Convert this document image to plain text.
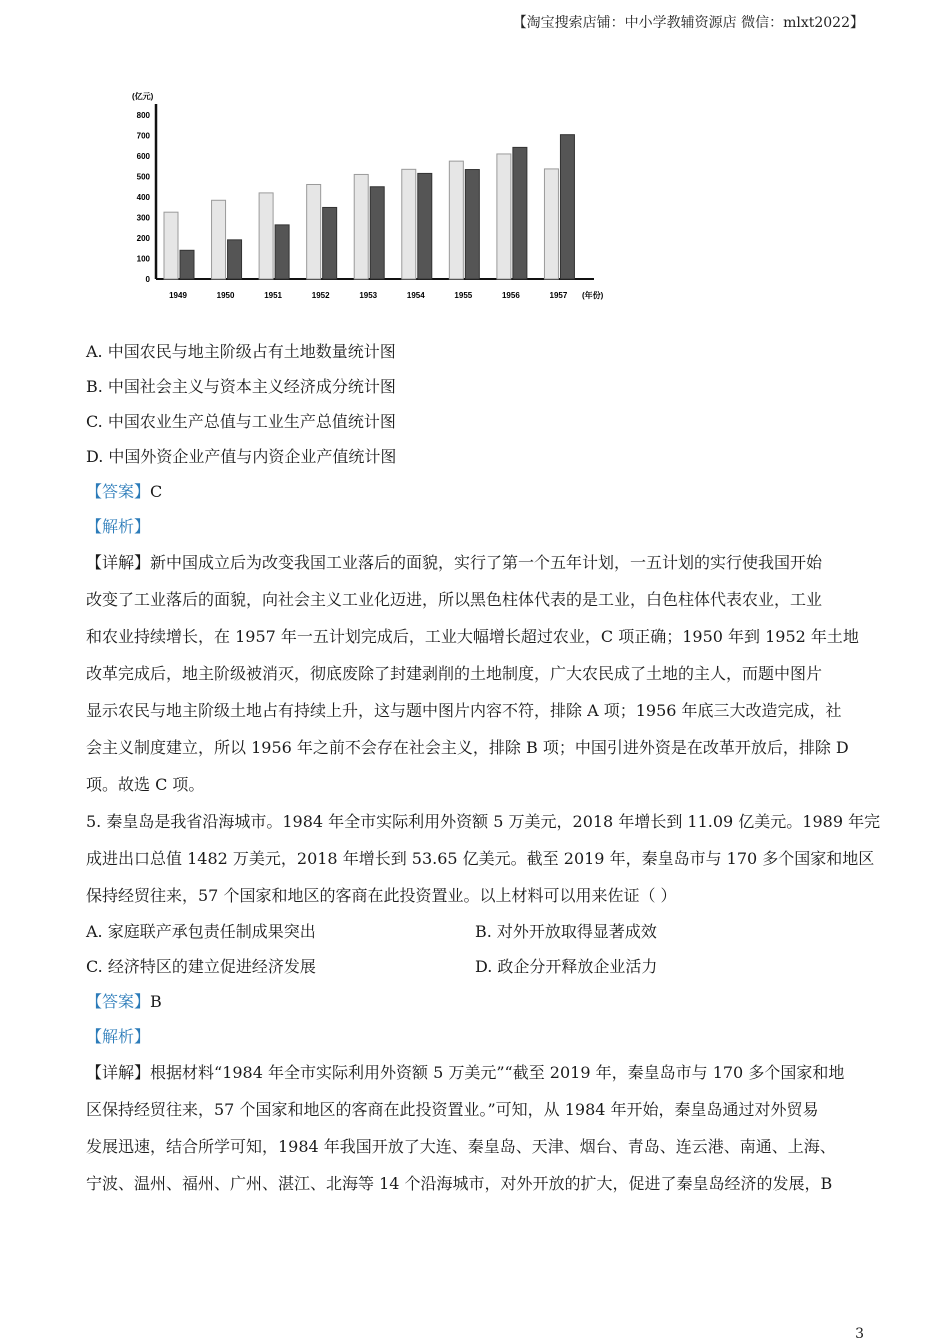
【淘宝搜索店铺：中小学教辅资源店 微信：mlxt2022】
0
100
200
300
400
500
600
700
800
1949	1950	1951	1952	1953	1954	1955	1956	1957
(亿元)
(年份)
A. 中国农民与地主阶级占有土地数量统计图
B. 中国社会主义与资本主义经济成分统计图
C. 中国农业生产总值与工业生产总值统计图
D. 中国外资企业产值与内资企业产值统计图
【答案】C
【解析】
【详解】新中国成立后为改变我国工业落后的面貌，实行了第一个五年计划，一五计划的实行使我国开始
改变了工业落后的面貌，向社会主义工业化迈进，所以黑色柱体代表的是工业，白色柱体代表农业，工业
和农业持续增长，在 1957 年一五计划完成后，工业大幅增长超过农业，C 项正确；1950 年到 1952 年土地
改革完成后，地主阶级被消灭，彻底废除了封建剥削的土地制度，广大农民成了土地的主人，而题中图片
显示农民与地主阶级土地占有持续上升，这与题中图片内容不符，排除 A 项；1956 年底三大改造完成，社
会主义制度建立，所以 1956 年之前不会存在社会主义，排除 B 项；中国引进外资是在改革开放后，排除 D
项。故选 C 项。
5. 秦皇岛是我省沿海城市。1984 年全市实际利用外资额 5 万美元，2018 年增长到 11.09 亿美元。1989 年完
成进出口总值 1482 万美元，2018 年增长到 53.65 亿美元。截至 2019 年，秦皇岛市与 170 多个国家和地区
保持经贸往来，57 个国家和地区的客商在此投资置业。以上材料可以用来佐证（ ）
A. 家庭联产承包责任制成果突出	B. 对外开放取得显著成效
C. 经济特区的建立促进经济发展	D. 政企分开释放企业活力
【答案】B
【解析】
【详解】根据材料“1984 年全市实际利用外资额 5 万美元”“截至 2019 年，秦皇岛市与 170 多个国家和地
区保持经贸往来，57 个国家和地区的客商在此投资置业。”可知，从 1984 年开始，秦皇岛通过对外贸易
发展迅速，结合所学可知，1984 年我国开放了大连、秦皇岛、天津、烟台、青岛、连云港、南通、上海、
宁波、温州、福州、广州、湛江、北海等 14 个沿海城市，对外开放的扩大，促进了秦皇岛经济的发展，B
3
